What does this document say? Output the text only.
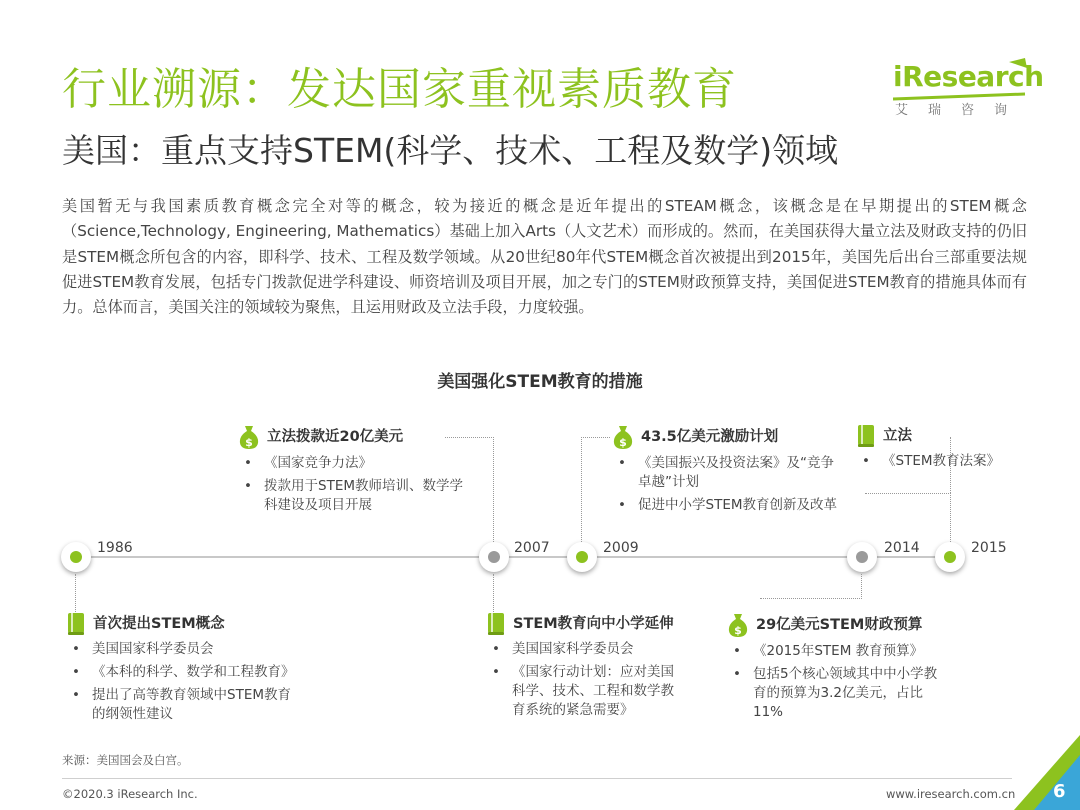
行业溯源：发达国家重视素质教育
美国：重点支持STEM(科学、技术、工程及数学)领域
iResearch
艾瑞咨询
美国暂无与我国素质教育概念完全对等的概念，较为接近的概念是近年提出的STEAM概念，该概念是在早期提出的STEM概念（Science,Technology, Engineering, Mathematics）基础上加入Arts（人文艺术）而形成的。然而，在美国获得大量立法及财政支持的仍旧是STEM概念所包含的内容，即科学、技术、工程及数学领域。从20世纪80年代STEM概念首次被提出到2015年，美国先后出台三部重要法规促进STEM教育发展，包括专门拨款促进学科建设、师资培训及项目开展，加之专门的STEM财政预算支持，美国促进STEM教育的措施具体而有力。总体而言，美国关注的领域较为聚焦，且运用财政及立法手段，力度较强。
美国强化STEM教育的措施
1986	2007	2009	2014	2015
$ 立法拨款近20亿美元
• 《国家竞争力法》
• 拨款用于STEM教师培训、数学学科建设及项目开展
$ 43.5亿美元激励计划
• 《美国振兴及投资法案》及“竞争卓越”计划
• 促进中小学STEM教育创新及改革
立法
• 《STEM教育法案》
首次提出STEM概念
• 美国国家科学委员会
• 《本科的科学、数学和工程教育》
• 提出了高等教育领域中STEM教育的纲领性建议
STEM教育向中小学延伸
• 美国国家科学委员会
• 《国家行动计划：应对美国科学、技术、工程和数学教育系统的紧急需要》
$ 29亿美元STEM财政预算
• 《2015年STEM 教育预算》
• 包括5个核心领域其中中小学教育的预算为3.2亿美元，占比11%
来源：美国国会及白宫。
©2020.3 iResearch Inc.	www.iresearch.com.cn 6
